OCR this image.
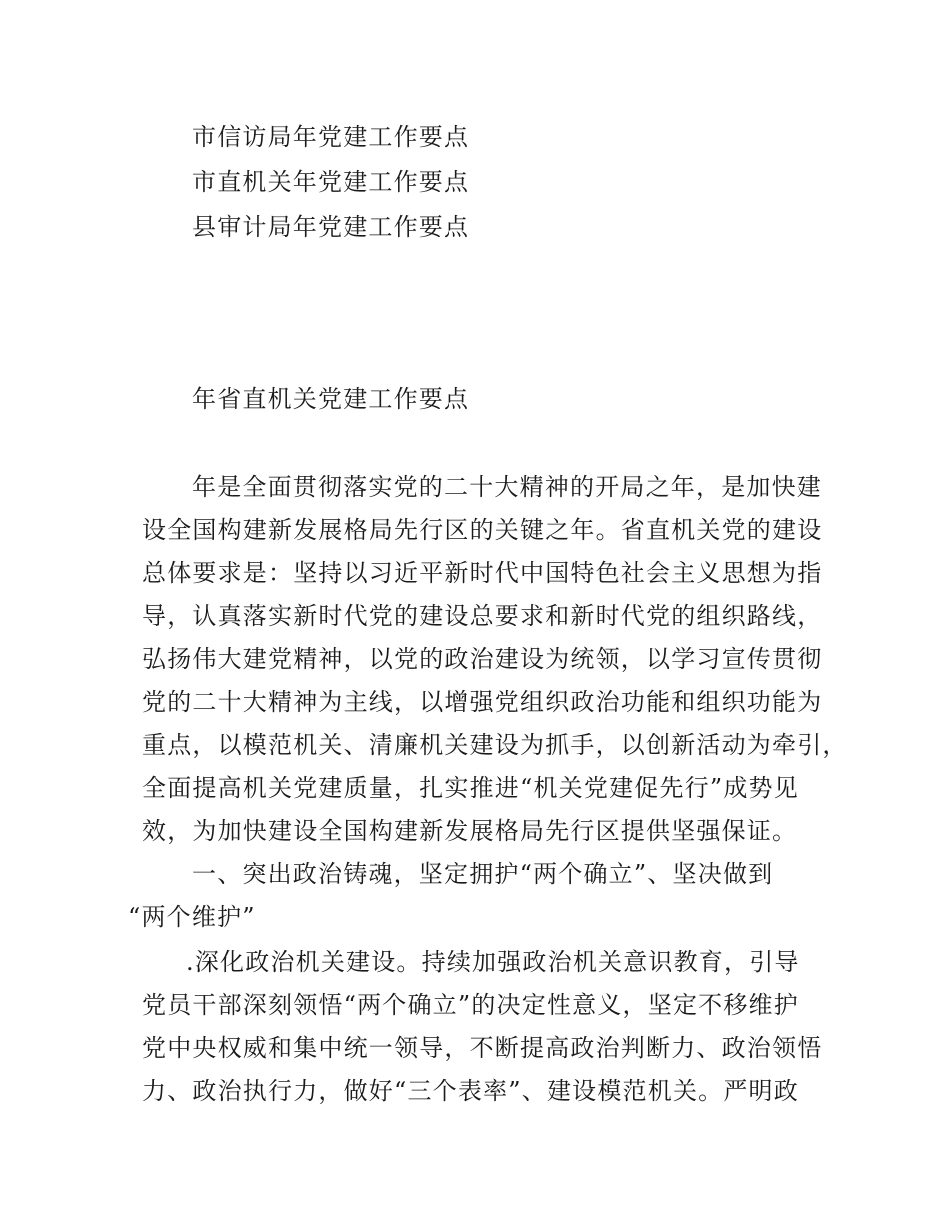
市信访局年党建工作要点
市直机关年党建工作要点
县审计局年党建工作要点
年省直机关党建工作要点
年是全面贯彻落实党的二十大精神的开局之年，是加快建
设全国构建新发展格局先行区的关键之年。省直机关党的建设
总体要求是：坚持以习近平新时代中国特色社会主义思想为指
导，认真落实新时代党的建设总要求和新时代党的组织路线，
弘扬伟大建党精神，以党的政治建设为统领，以学习宣传贯彻
党的二十大精神为主线，以增强党组织政治功能和组织功能为
重点，以模范机关、清廉机关建设为抓手，以创新活动为牵引，
全面提高机关党建质量，扎实推进“机关党建促先行”成势见
效，为加快建设全国构建新发展格局先行区提供坚强保证。
一、突出政治铸魂，坚定拥护“两个确立”、坚决做到
“两个维护”
.深化政治机关建设。持续加强政治机关意识教育，引导
党员干部深刻领悟“两个确立”的决定性意义，坚定不移维护
党中央权威和集中统一领导，不断提高政治判断力、政治领悟
力、政治执行力，做好“三个表率”、建设模范机关。严明政
